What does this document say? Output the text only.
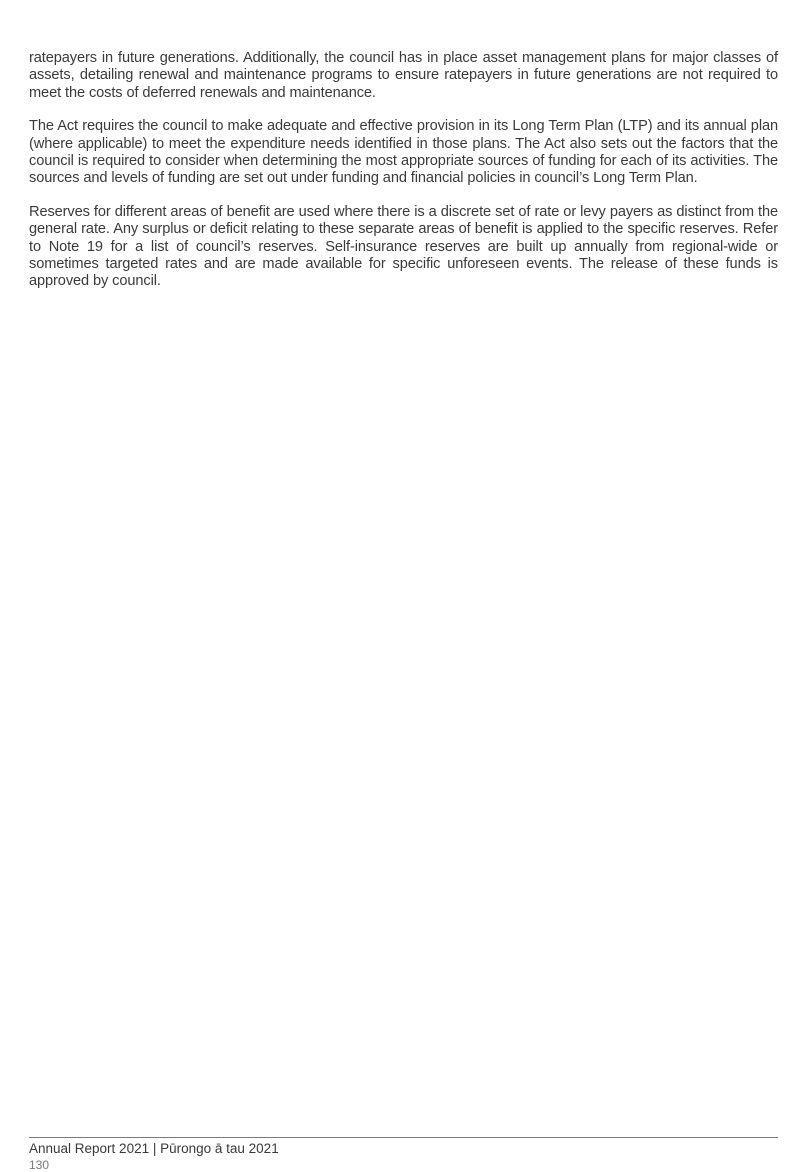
ratepayers in future generations. Additionally, the council has in place asset management plans for major classes of assets, detailing renewal and maintenance programs to ensure ratepayers in future generations are not required to meet the costs of deferred renewals and maintenance.

The Act requires the council to make adequate and effective provision in its Long Term Plan (LTP) and its annual plan (where applicable) to meet the expenditure needs identified in those plans. The Act also sets out the factors that the council is required to consider when determining the most appropriate sources of funding for each of its activities. The sources and levels of funding are set out under funding and financial policies in council’s Long Term Plan.

Reserves for different areas of benefit are used where there is a discrete set of rate or levy payers as distinct from the general rate. Any surplus or deficit relating to these separate areas of benefit is applied to the specific reserves. Refer to Note 19 for a list of council’s reserves. Self-insurance reserves are built up annually from regional-wide or sometimes targeted rates and are made available for specific unforeseen events. The release of these funds is approved by council.

Annual Report 2021 | Pūrongo ā tau 2021
130
